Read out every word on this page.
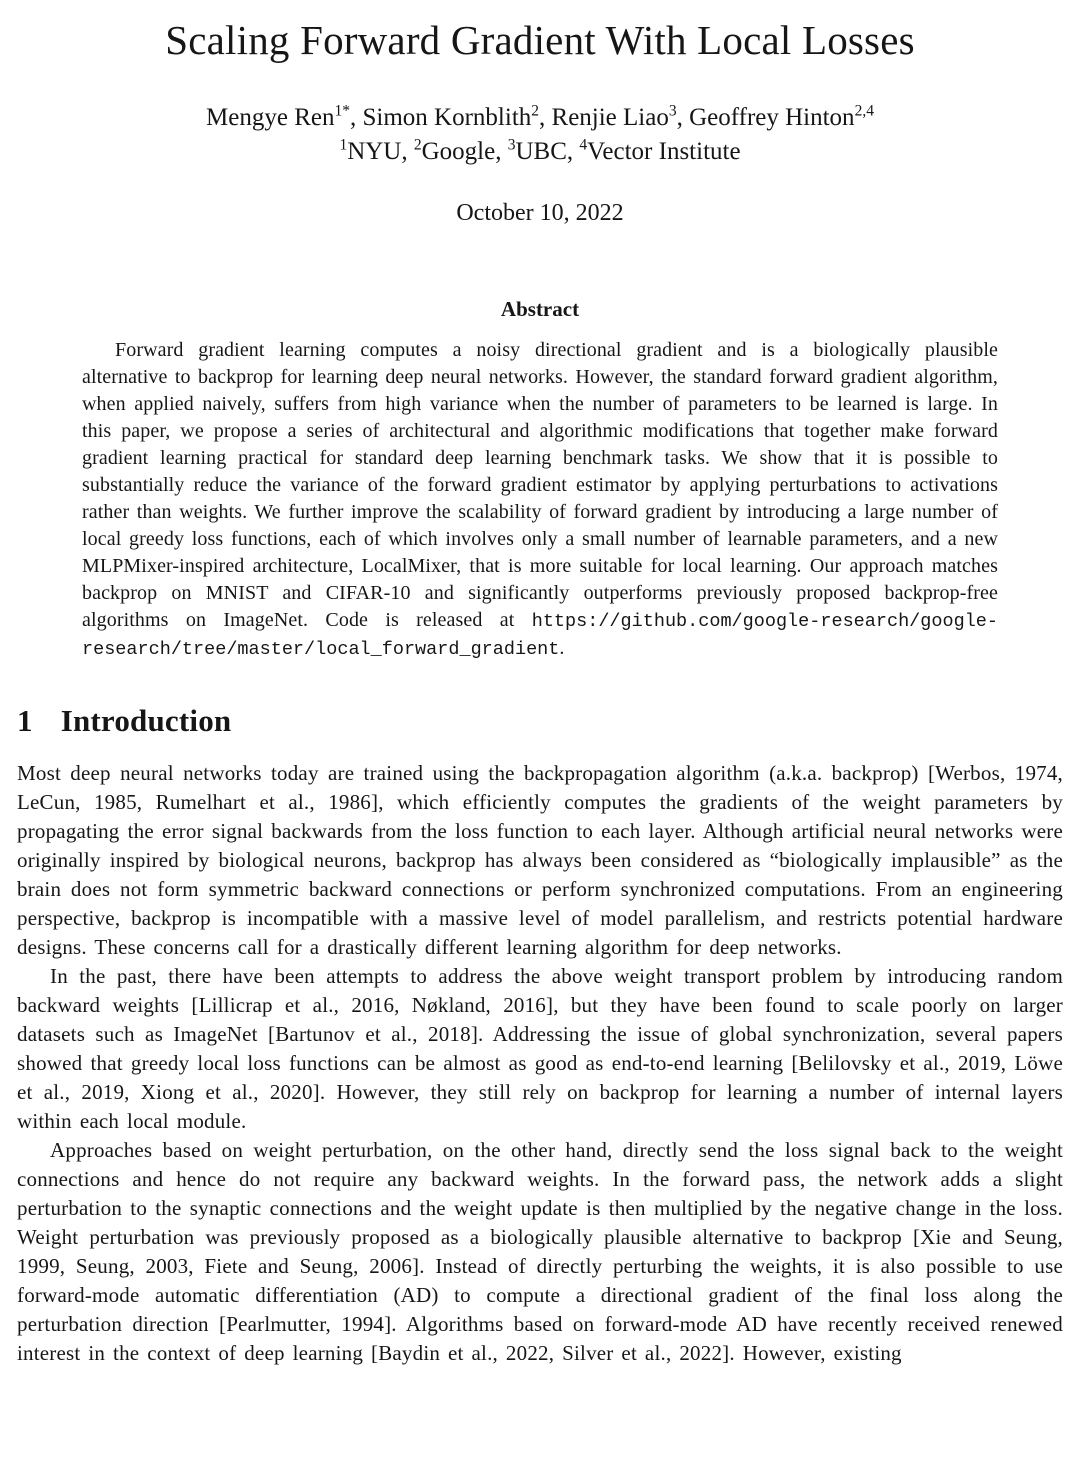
Scaling Forward Gradient With Local Losses
Mengye Ren$^{1*}$, Simon Kornblith$^2$, Renjie Liao$^3$, Geoffrey Hinton$^{2,4}$
$^1$NYU, $^2$Google, $^3$UBC, $^4$Vector Institute
October 10, 2022
Abstract

Forward gradient learning computes a noisy directional gradient and is a biologically plausible alternative to backprop for learning deep neural networks. However, the standard forward gradient algorithm, when applied naively, suffers from high variance when the number of parameters to be learned is large. In this paper, we propose a series of architectural and algorithmic modifications that together make forward gradient learning practical for standard deep learning benchmark tasks. We show that it is possible to substantially reduce the variance of the forward gradient estimator by applying perturbations to activations rather than weights. We further improve the scalability of forward gradient by introducing a large number of local greedy loss functions, each of which involves only a small number of learnable parameters, and a new MLPMixer-inspired architecture, LocalMixer, that is more suitable for local learning. Our approach matches backprop on MNIST and CIFAR-10 and significantly outperforms previously proposed backprop-free algorithms on ImageNet. Code is released at https://github.com/google-research/google-research/tree/master/local_forward_gradient.

1 Introduction

Most deep neural networks today are trained using the backpropagation algorithm (a.k.a. backprop) [Werbos, 1974, LeCun, 1985, Rumelhart et al., 1986], which efficiently computes the gradients of the weight parameters by propagating the error signal backwards from the loss function to each layer. Although artificial neural networks were originally inspired by biological neurons, backprop has always been considered as “biologically implausible” as the brain does not form symmetric backward connections or perform synchronized computations. From an engineering perspective, backprop is incompatible with a massive level of model parallelism, and restricts potential hardware designs. These concerns call for a drastically different learning algorithm for deep networks.

In the past, there have been attempts to address the above weight transport problem by introducing random backward weights [Lillicrap et al., 2016, Nøkland, 2016], but they have been found to scale poorly on larger datasets such as ImageNet [Bartunov et al., 2018]. Addressing the issue of global synchronization, several papers showed that greedy local loss functions can be almost as good as end-to-end learning [Belilovsky et al., 2019, Löwe et al., 2019, Xiong et al., 2020]. However, they still rely on backprop for learning a number of internal layers within each local module.

Approaches based on weight perturbation, on the other hand, directly send the loss signal back to the weight connections and hence do not require any backward weights. In the forward pass, the network adds a slight perturbation to the synaptic connections and the weight update is then multiplied by the negative change in the loss. Weight perturbation was previously proposed as a biologically plausible alternative to backprop [Xie and Seung, 1999, Seung, 2003, Fiete and Seung, 2006]. Instead of directly perturbing the weights, it is also possible to use forward-mode automatic differentiation (AD) to compute a directional gradient of the final loss along the perturbation direction [Pearlmutter, 1994]. Algorithms based on forward-mode AD have recently received renewed interest in the context of deep learning [Baydin et al., 2022, Silver et al., 2022]. However, existing
